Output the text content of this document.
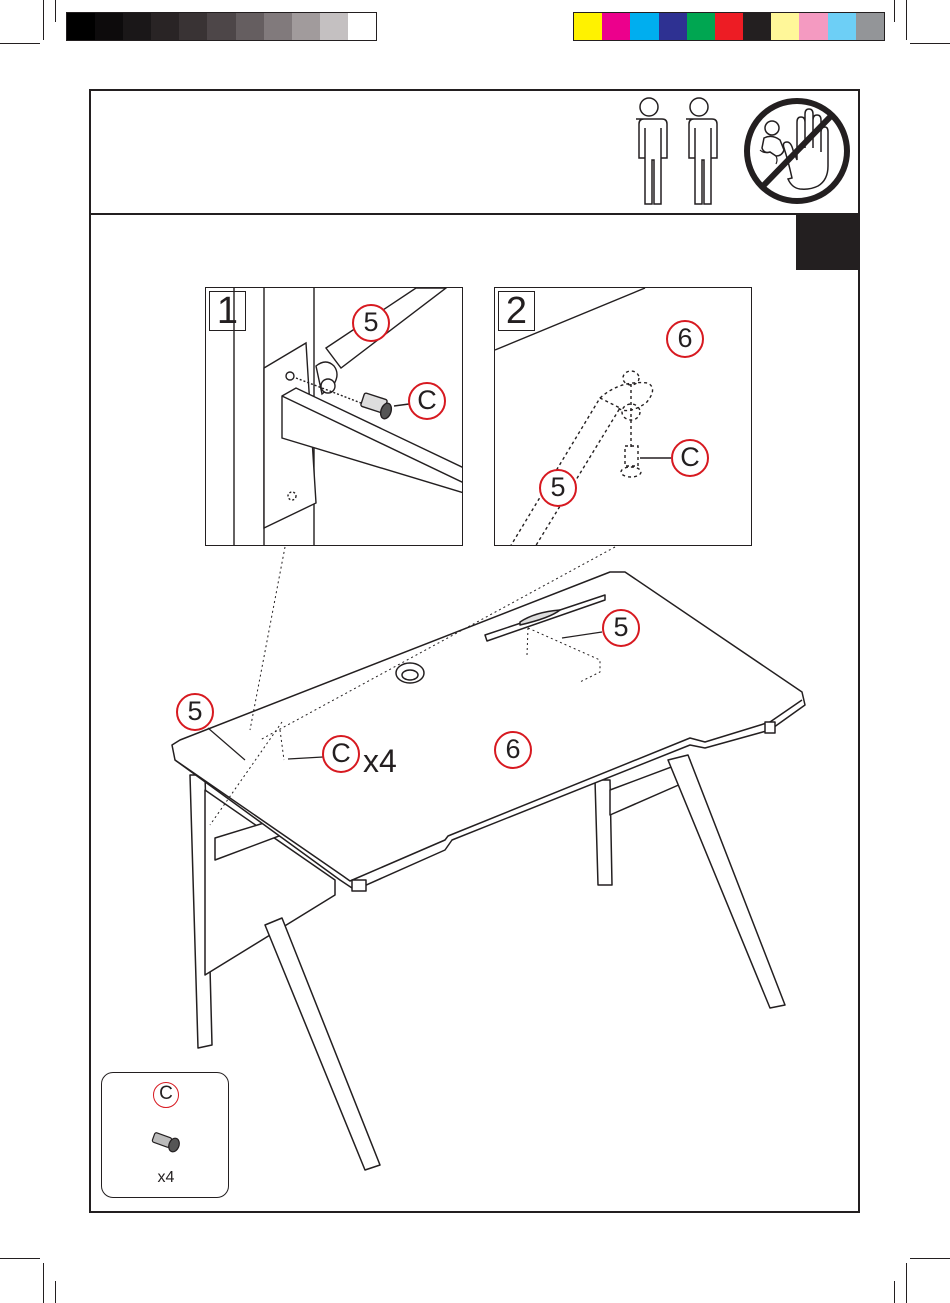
1	5
C
2
6
C
5
5
5
C x4	6
C
x4
